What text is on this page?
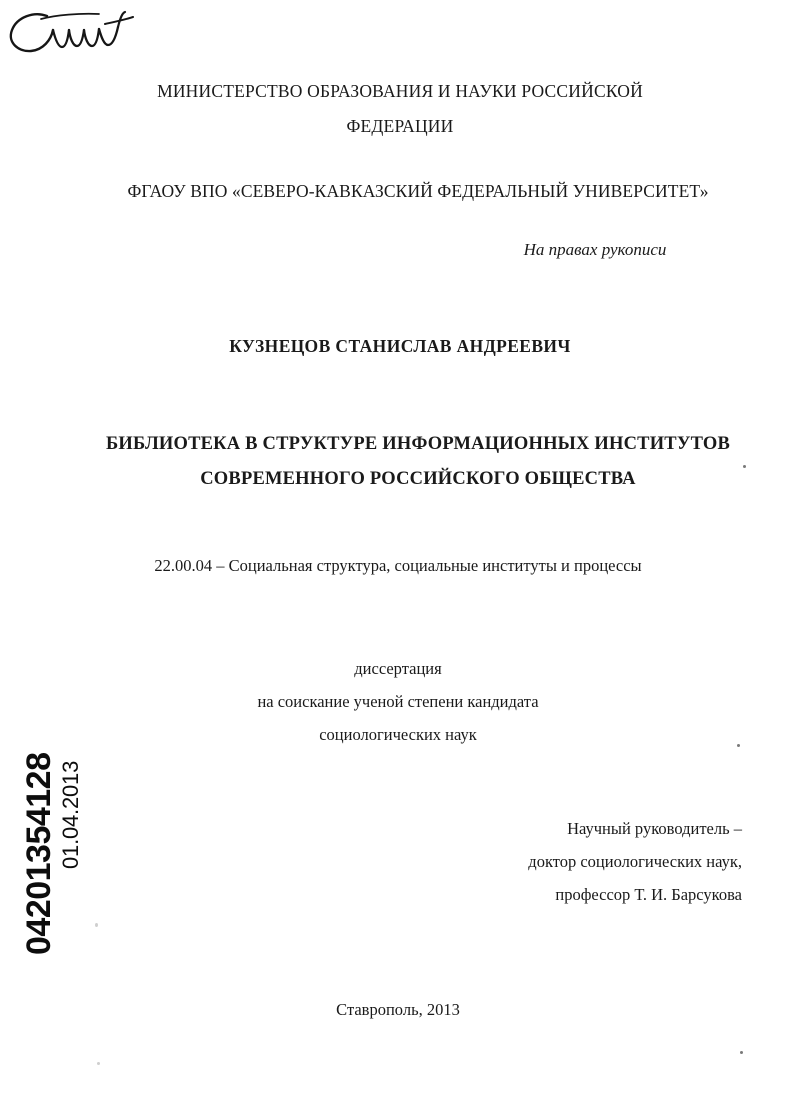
МИНИСТЕРСТВО ОБРАЗОВАНИЯ И НАУКИ РОССИЙСКОЙ
ФЕДЕРАЦИИ
ФГАОУ ВПО «СЕВЕРО-КАВКАЗСКИЙ ФЕДЕРАЛЬНЫЙ УНИВЕРСИТЕТ»
На правах рукописи
КУЗНЕЦОВ СТАНИСЛАВ АНДРЕЕВИЧ
БИБЛИОТЕКА В СТРУКТУРЕ ИНФОРМАЦИОННЫХ ИНСТИТУТОВ
СОВРЕМЕННОГО РОССИЙСКОГО ОБЩЕСТВА
22.00.04 – Социальная структура, социальные институты и процессы
диссертация
на соискание ученой степени кандидата
социологических наук
Научный руководитель –
доктор социологических наук,
профессор Т. И. Барсукова
Ставрополь, 2013
04201354128 01.04.2013
